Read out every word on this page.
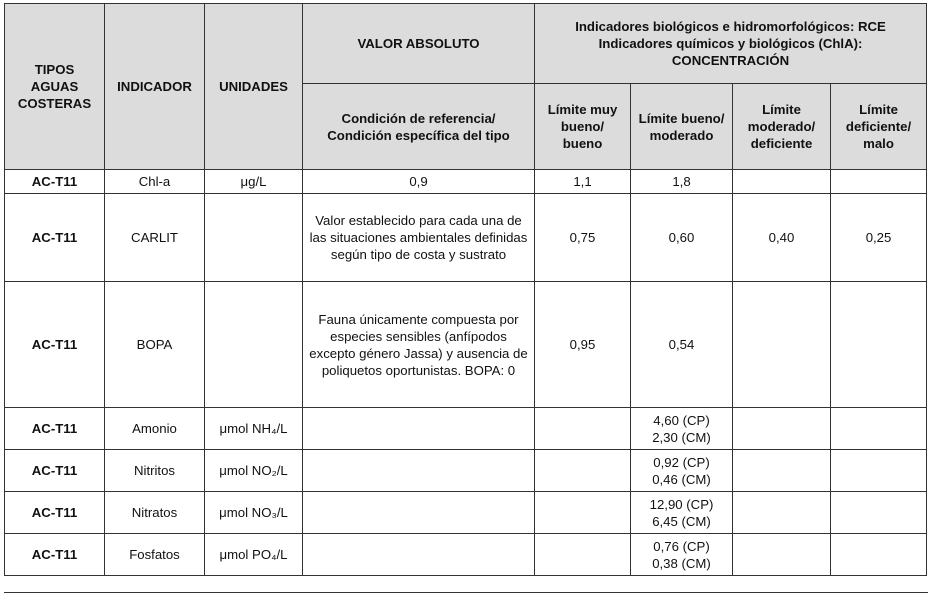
TIPOS AGUAS COSTERAS	INDICADOR	UNIDADES	VALOR ABSOLUTO	Indicadores biológicos e hidromorfológicos: RCE
Indicadores químicos y biológicos (ChlA):
CONCENTRACIÓN			

			Condición de referencia/ Condición específica del tipo	Límite muy bueno/ bueno	Límite bueno/ moderado	Límite moderado/ deficiente	Límite deficiente/ malo
AC-T11	Chl-a	μg/L	0,9	1,1	1,8		
AC-T11	CARLIT		Valor establecido para cada una de las situaciones ambientales definidas según tipo de costa y sustrato	0,75	0,60	0,40	0,25
AC-T11	BOPA		Fauna únicamente compuesta por especies sensibles (anfípodos excepto género Jassa) y ausencia de poliquetos oportunistas. BOPA: 0	0,95	0,54		
AC-T11	Amonio	μmol NH₄/L			4,60 (CP)
2,30 (CM)		

AC-T11	Nitritos	μmol NO₂/L			0,92 (CP)
0,46 (CM)		

AC-T11	Nitratos	μmol NO₃/L			12,90 (CP)
6,45 (CM)		

AC-T11	Fosfatos	μmol PO₄/L			0,76 (CP)
0,38 (CM)		
